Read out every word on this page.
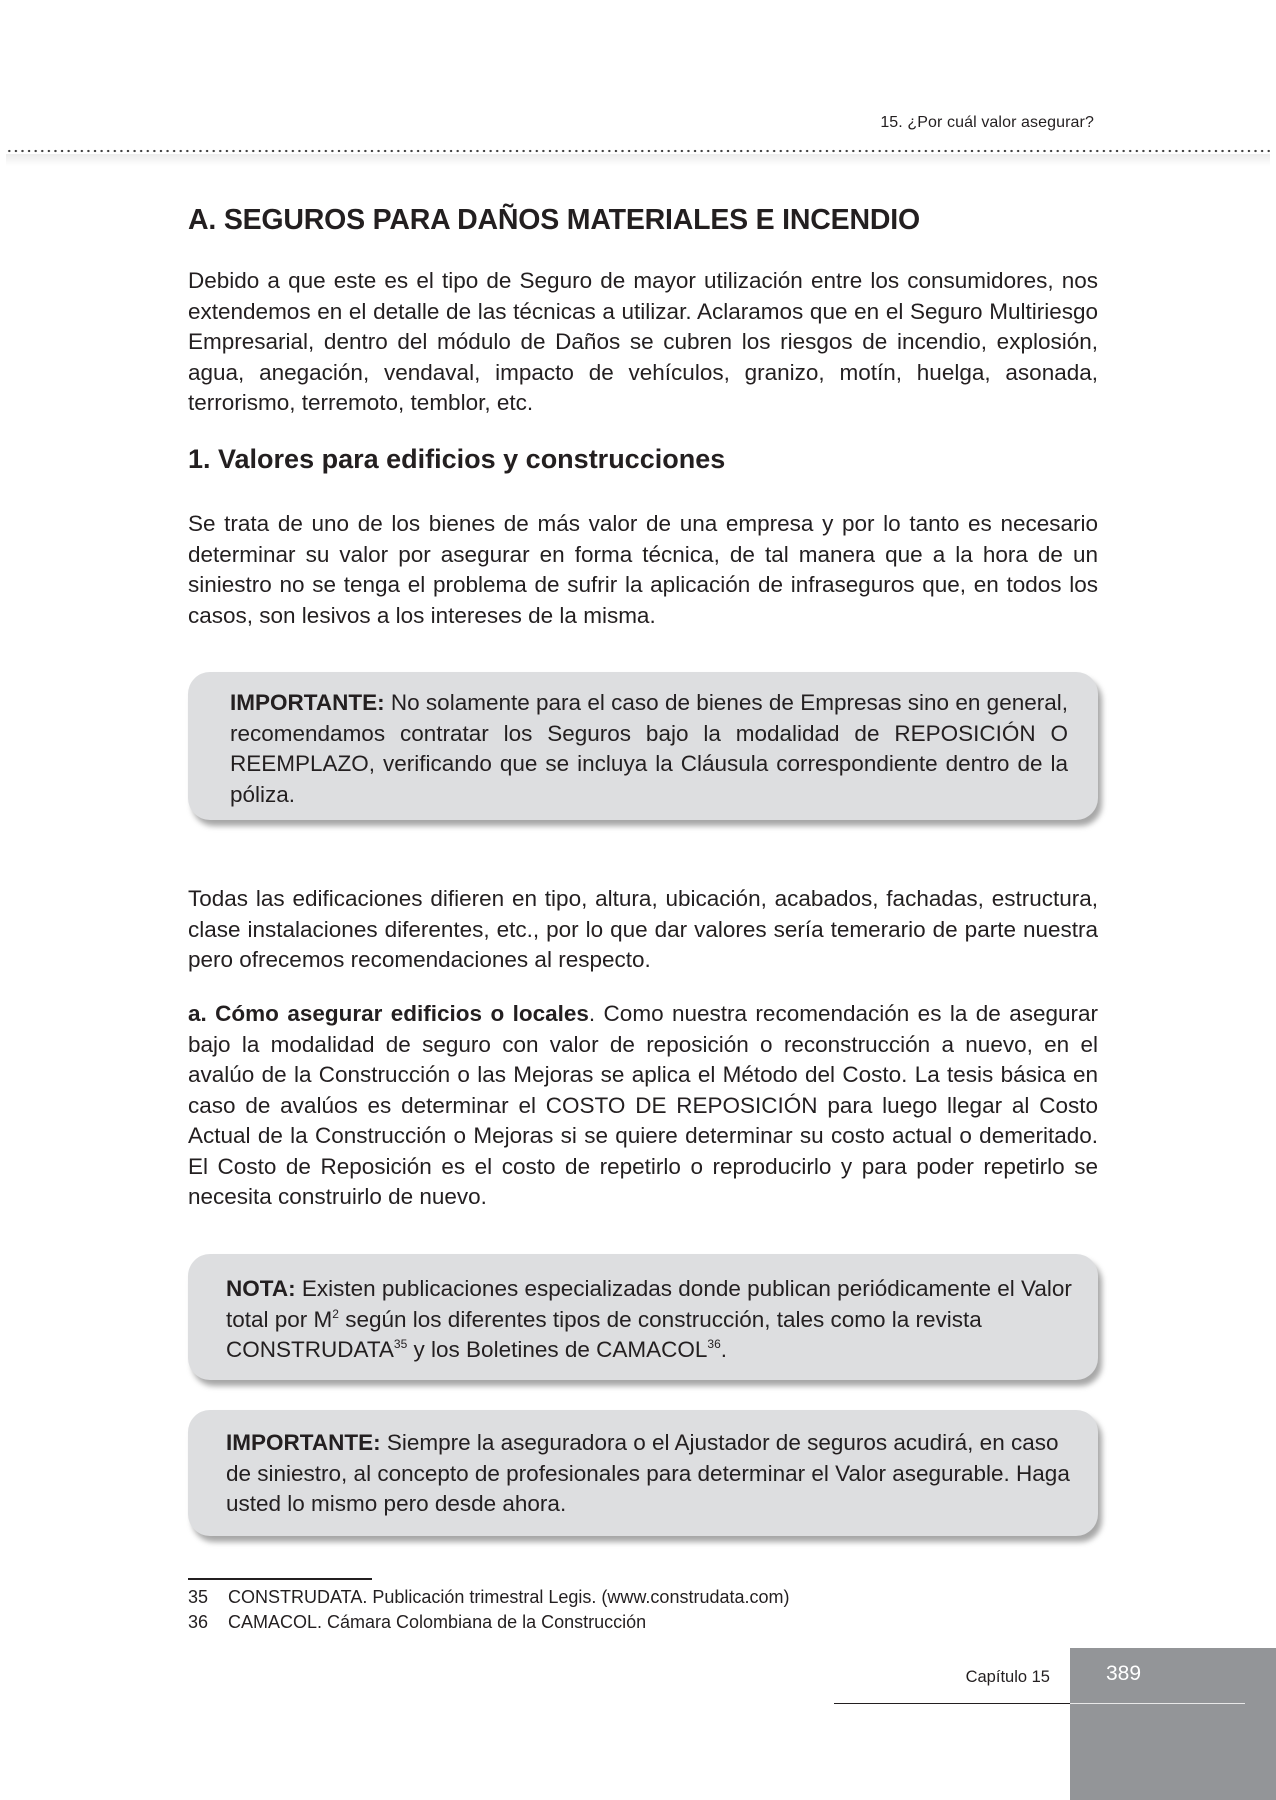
15. ¿Por cuál valor asegurar?
A. SEGUROS PARA DAÑOS MATERIALES E INCENDIO

Debido a que este es el tipo de Seguro de mayor utilización entre los consumidores, nos extendemos en el detalle de las técnicas a utilizar. Aclaramos que en el Seguro Multiriesgo Empresarial, dentro del módulo de Daños se cubren los riesgos de incendio, explosión, agua, anegación, vendaval, impacto de vehículos, granizo, motín, huelga, asonada, terrorismo, terremoto, temblor, etc.

1. Valores para edificios y construcciones

Se trata de uno de los bienes de más valor de una empresa y por lo tanto es necesario determinar su valor por asegurar en forma técnica, de tal manera que a la hora de un siniestro no se tenga el problema de sufrir la aplicación de infraseguros que, en todos los casos, son lesivos a los intereses de la misma.

IMPORTANTE: No solamente para el caso de bienes de Empresas sino en general, recomendamos contratar los Seguros bajo la modalidad de REPOSICIÓN O REEMPLAZO, verificando que se incluya la Cláusula correspondiente dentro de la póliza.

Todas las edificaciones difieren en tipo, altura, ubicación, acabados, fachadas, estructura, clase instalaciones diferentes, etc., por lo que dar valores sería temerario de parte nuestra pero ofrecemos recomendaciones al respecto.

a. Cómo asegurar edificios o locales. Como nuestra recomendación es la de asegurar bajo la modalidad de seguro con valor de reposición o reconstrucción a nuevo, en el avalúo de la Construcción o las Mejoras se aplica el Método del Costo. La tesis básica en caso de avalúos es determinar el COSTO DE REPOSICIÓN para luego llegar al Costo Actual de la Construcción o Mejoras si se quiere determinar su costo actual o demeritado. El Costo de Reposición es el costo de repetirlo o reproducirlo y para poder repetirlo se necesita construirlo de nuevo.

NOTA: Existen publicaciones especializadas donde publican periódicamente el Valor total por $M^2$ según los diferentes tipos de construcción, tales como la revista CONSTRUDATA$^{35}$ y los Boletines de CAMACOL$^{36}$.

IMPORTANTE: Siempre la aseguradora o el Ajustador de seguros acudirá, en caso de siniestro, al concepto de profesionales para determinar el Valor asegurable. Haga usted lo mismo pero desde ahora.

35	CONSTRUDATA. Publicación trimestral Legis. (www.construdata.com)
36	CAMACOL. Cámara Colombiana de la Construcción
Capítulo 15	389
